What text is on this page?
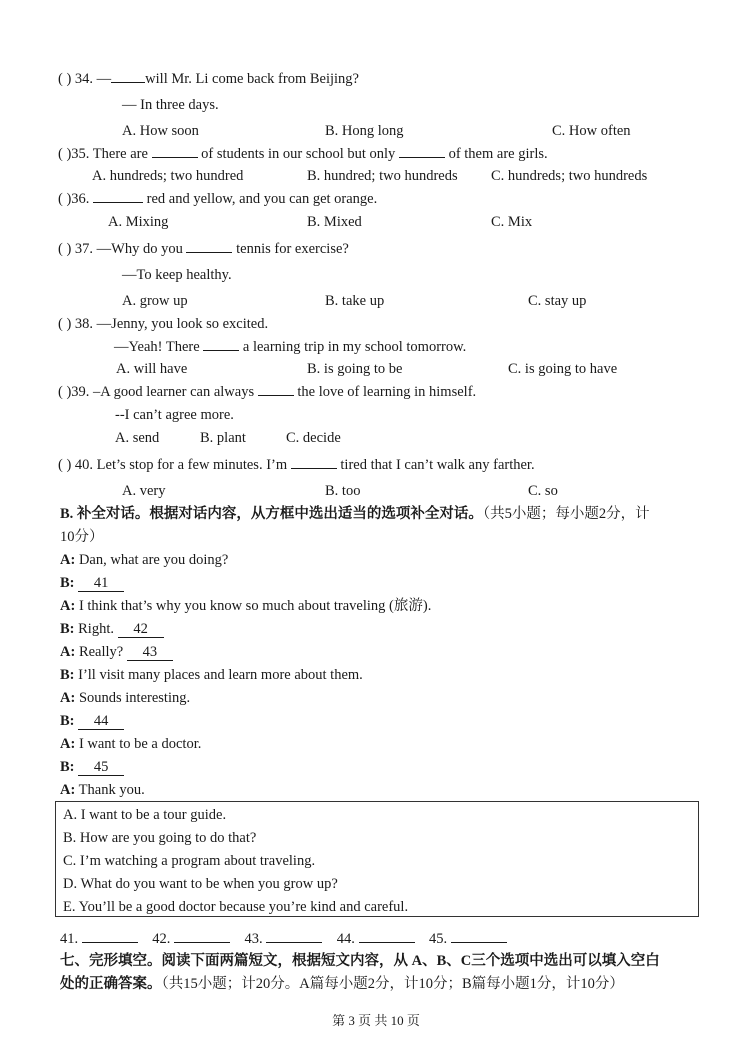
( ) 34. — will Mr. Li come back from Beijing?
— In three days.
A. How soon	B. Hong long	C. How often
( )35. There are	of students in our school but only	of them are girls.
A. hundreds; two hundred	B. hundred; two hundreds C. hundreds; two hundreds
( )36.	red and yellow, and you can get orange.
A. Mixing	B. Mixed	C. Mix
( ) 37. —Why do you	tennis for exercise?
—To keep healthy.
A. grow up	B. take up	C. stay up
( ) 38. —Jenny, you look so excited.
—Yeah! There	a learning trip in my school tomorrow.
A. will have	B. is going to be	C. is going to have
( )39. –A good learner can always	the love of learning in himself.
--I can’t agree more.
A. send	B. plant	C. decide
( ) 40. Let’s stop for a few minutes. I’m	tired that I can’t walk any farther.
A. very	B. too	C. so
B. 补全对话。根据对话内容，从方框中选出适当的选项补全对话。（共5小题；每小题2分，计
10分）
A: Dan, what are you doing?
B: 41
A: I think that’s why you know so much about traveling (旅游).
B: Right. 42
A: Really? 43
B: I’ll visit many places and learn more about them.
A: Sounds interesting.
B: 44
A: I want to be a doctor.
B: 45
A: Thank you.
A. I want to be a tour guide.
B. How are you going to do that?
C. I’m watching a program about traveling.
D. What do you want to be when you grow up?
E. You’ll be a good doctor because you’re kind and careful.
41.	42.	43.	44.	45.
七、完形填空。阅读下面两篇短文，根据短文内容，从 A、B、C三个选项中选出可以填入空白
处的正确答案。（共15小题；计20分。A篇每小题2分，计10分；B篇每小题1分，计10分）
第 3 页 共 10 页
